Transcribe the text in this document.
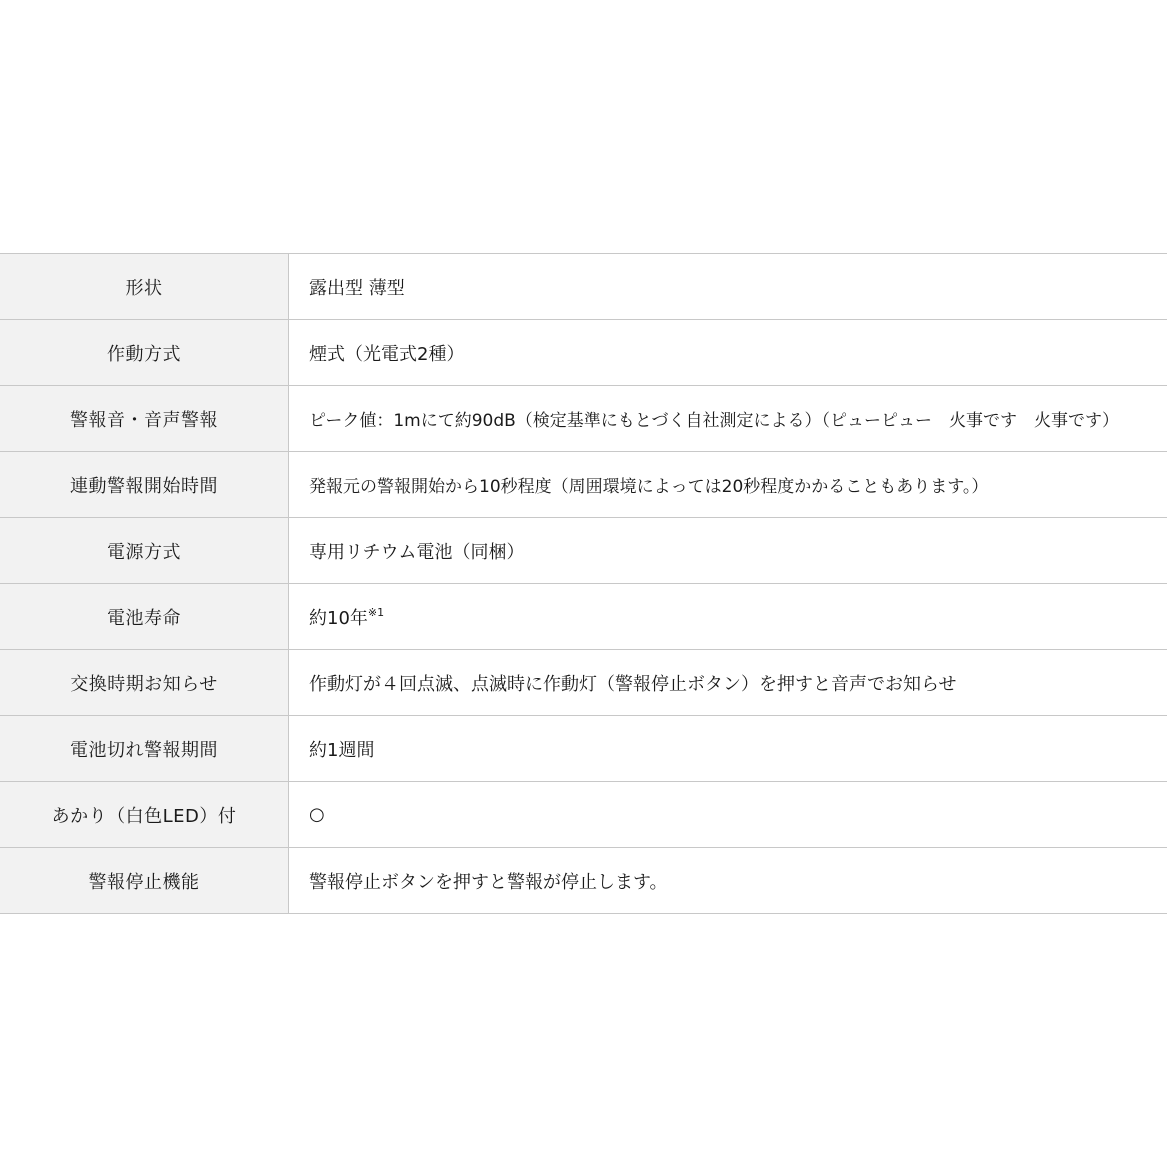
形状	露出型 薄型
作動方式	煙式（光電式2種）
警報音・音声警報	ピーク値：1mにて約90dB（検定基準にもとづく自社測定による）（ピューピュー　火事です　火事です）
連動警報開始時間	発報元の警報開始から10秒程度（周囲環境によっては20秒程度かかることもあります。）
電源方式	専用リチウム電池（同梱）
電池寿命	約10年$^{※1}$
交換時期お知らせ	作動灯が４回点滅、点滅時に作動灯（警報停止ボタン）を押すと音声でお知らせ
電池切れ警報期間	約1週間
あかり（白色LED）付	○
警報停止機能	警報停止ボタンを押すと警報が停止します。
